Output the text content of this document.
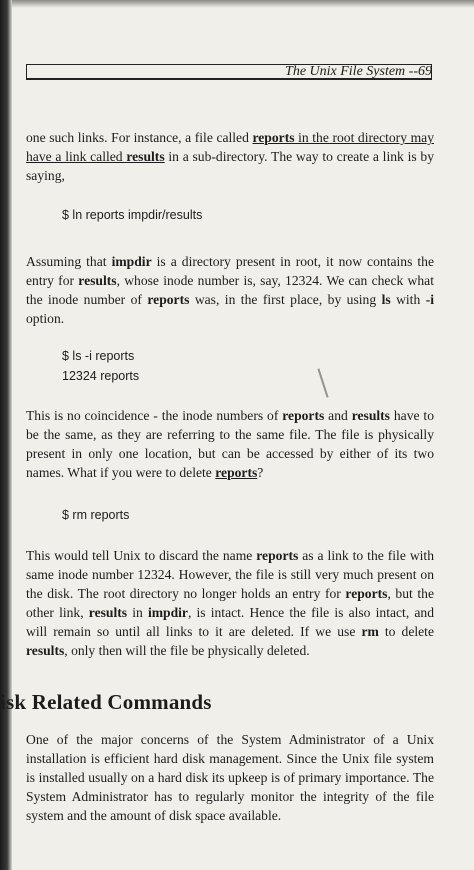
The Unix File System --69

one such links. For instance, a file called reports in the root directory may have a link called results in a sub-directory. The way to create a link is by saying,

$ ln reports impdir/results

Assuming that impdir is a directory present in root, it now contains the entry for results, whose inode number is, say, 12324. We can check what the inode number of reports was, in the first place, by using ls with -i option.

$ ls -i reports
12324 reports

This is no coincidence - the inode numbers of reports and results have to be the same, as they are referring to the same file. The file is physically present in only one location, but can be accessed by either of its two names. What if you were to delete reports?

$ rm reports

This would tell Unix to discard the name reports as a link to the file with same inode number 12324. However, the file is still very much present on the disk. The root directory no longer holds an entry for reports, but the other link, results in impdir, is intact. Hence the file is also intact, and will remain so until all links to it are deleted. If we use rm to delete results, only then will the file be physically deleted.

isk Related Commands

One of the major concerns of the System Administrator of a Unix installation is efficient hard disk management. Since the Unix file system is installed usually on a hard disk its upkeep is of primary importance. The System Administrator has to regularly monitor the integrity of the file system and the amount of disk space available.
